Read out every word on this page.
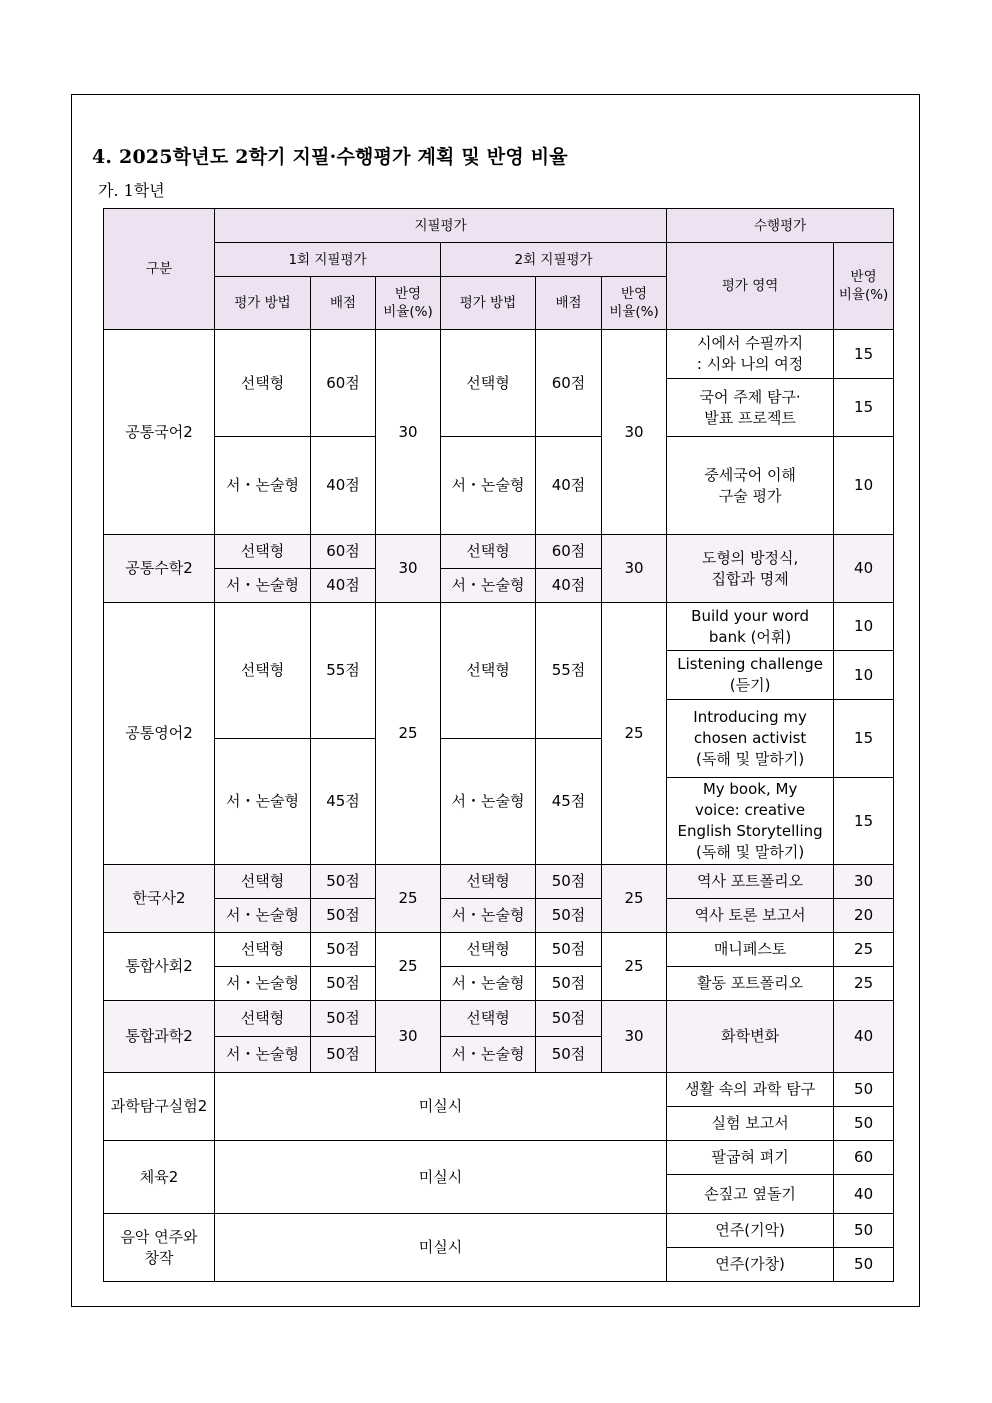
4. 2025학년도 2학기 지필·수행평가 계획 및 반영 비율
가. 1학년
구분	지필평가						수행평가	
	1회 지필평가			2회 지필평가			평가 영역	반영
비율(%)

	평가 방법	배점	반영
비율(%)	평가 방법	배점	반영
비율(%)		

공통국어2	선택형	60점	30	선택형	60점	30	시에서 수필까지
: 시와 나의 여정	15

							국어 주제 탐구·
발표 프로젝트	15

	서・논술형	40점		서・논술형	40점		중세국어 이해
구술 평가	10

공통수학2	선택형	60점	30	선택형	60점	30	도형의 방정식,
집합과 명제	40
	서・논술형	40점		서・논술형	40점			
공통영어2	선택형	55점	25	선택형	55점	25	Build your word
bank (어휘)	10

							Listening challenge
(듣기)	10

							Introducing my
chosen activist
(독해 및 말하기)	15
	서・논술형	45점		서・논술형	45점			

							My book, My
voice: creative
English Storytelling
(독해 및 말하기)	15
한국사2	선택형	50점	25	선택형	50점	25	역사 포트폴리오	30
	서・논술형	50점		서・논술형	50점		역사 토론 보고서	20
통합사회2	선택형	50점	25	선택형	50점	25	매니페스토	25
	서・논술형	50점		서・논술형	50점		활동 포트폴리오	25
통합과학2	선택형	50점	30	선택형	50점	30	화학변화	40
	서・논술형	50점		서・논술형	50점			
과학탐구실험2	미실시						생활 속의 과학 탐구	50

							실험 보고서	50
체육2	미실시						팔굽혀 펴기	60

							손짚고 옆돌기	40

음악 연주와
창작	미실시						연주(기악)	50

							연주(가창)	50
